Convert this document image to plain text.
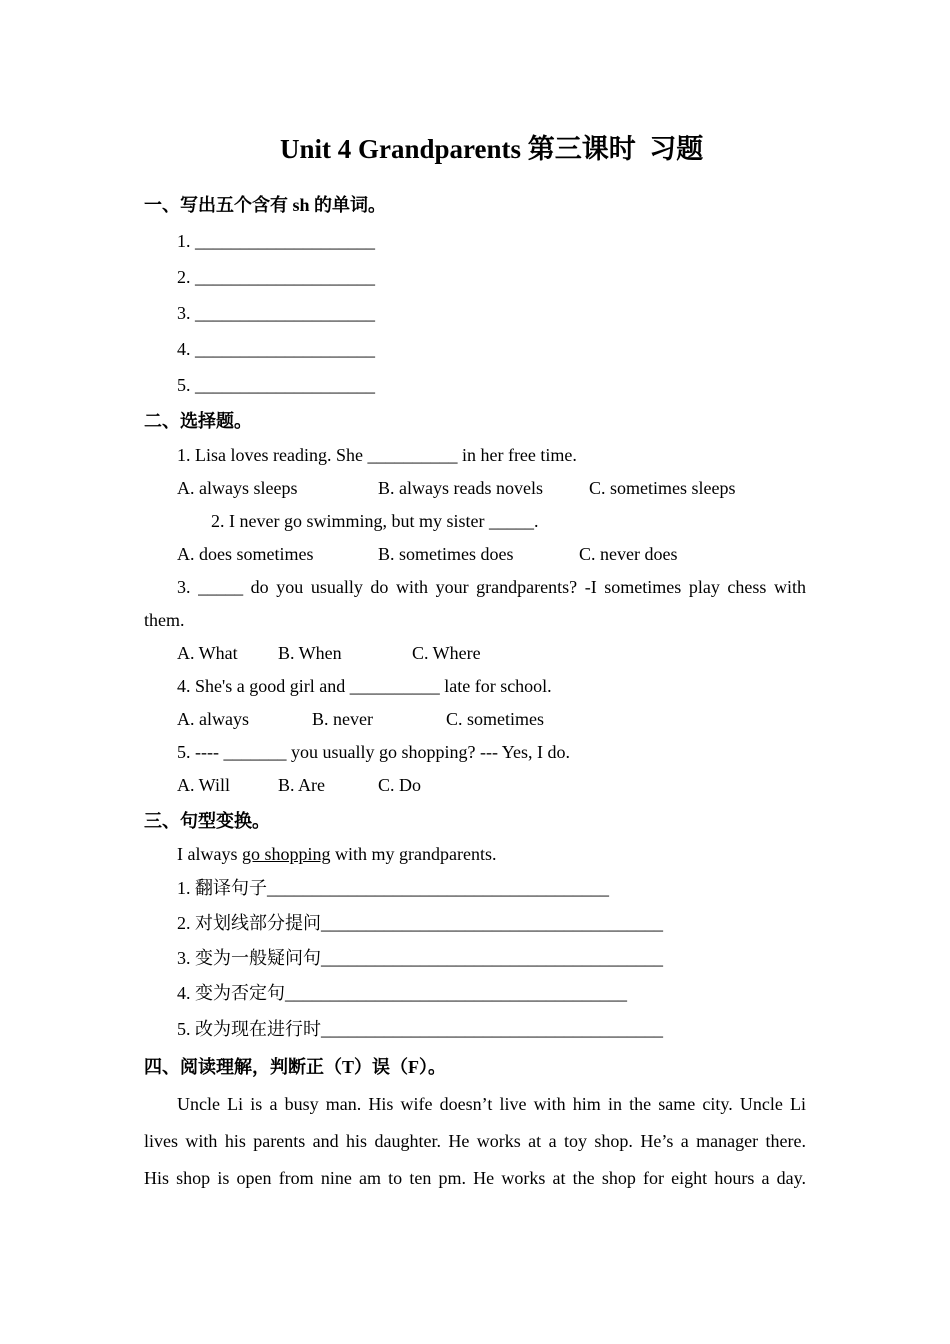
Unit 4 Grandparents 第三课时  习题
一、写出五个含有 sh 的单词。
1. ____________________
2. ____________________
3. ____________________
4. ____________________
5. ____________________
二、选择题。
1. Lisa loves reading. She __________ in her free time.
A. always sleeps	B. always reads novels	C. sometimes sleeps
2. I never go swimming, but my sister _____.
A. does sometimes	B. sometimes does	C. never does
3. _____ do you usually do with your grandparents? -I sometimes play chess with
them.
A. What B. When	C. Where
4. She's a good girl and __________ late for school.
A. always	B. never	C. sometimes
5. ---- _______ you usually go shopping? --- Yes, I do.
A. Will	B. Are	C. Do
三、句型变换。
I always go shopping with my grandparents.
1. 翻译句子______________________________________
2. 对划线部分提问______________________________________
3. 变为一般疑问句______________________________________
4. 变为否定句______________________________________
5. 改为现在进行时______________________________________
四、阅读理解，判断正（T）误（F）。
Uncle Li is a busy man. His wife doesn’t live with him in the same city. Uncle Li
lives with his parents and his daughter. He works at a toy shop. He’s a manager there.
His shop is open from nine am to ten pm. He works at the shop for eight hours a day.
